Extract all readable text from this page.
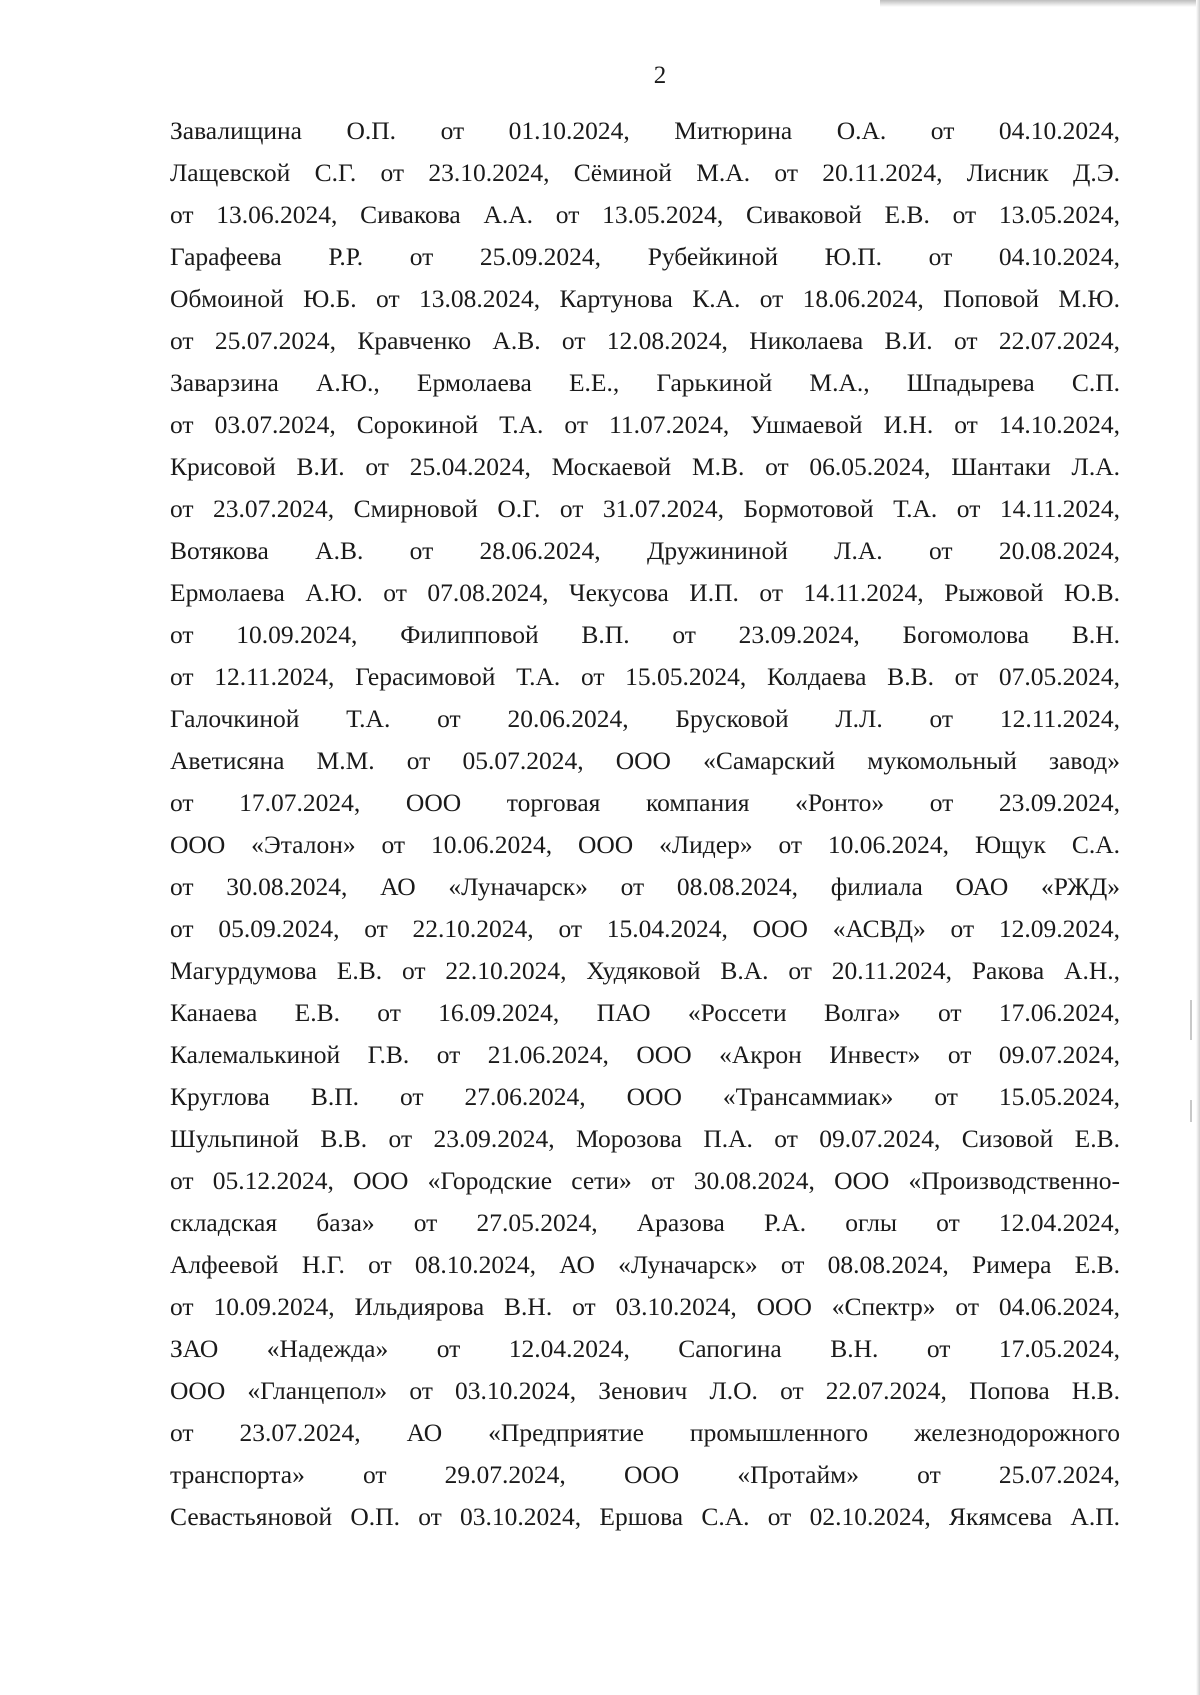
2
Завалищина О.П. от 01.10.2024, Митюрина О.А. от 04.10.2024,
Лащевской С.Г. от 23.10.2024, Сёминой М.А. от 20.11.2024, Лисник Д.Э.
от 13.06.2024, Сивакова А.А. от 13.05.2024, Сиваковой Е.В. от 13.05.2024,
Гарафеева Р.Р. от 25.09.2024, Рубейкиной Ю.П. от 04.10.2024,
Обмоиной Ю.Б. от 13.08.2024, Картунова К.А. от 18.06.2024, Поповой М.Ю.
от 25.07.2024, Кравченко А.В. от 12.08.2024, Николаева В.И. от 22.07.2024,
Заварзина А.Ю., Ермолаева Е.Е., Гарькиной М.А., Шпадырева С.П.
от 03.07.2024, Сорокиной Т.А. от 11.07.2024, Ушмаевой И.Н. от 14.10.2024,
Крисовой В.И. от 25.04.2024, Москаевой М.В. от 06.05.2024, Шантаки Л.А.
от 23.07.2024, Смирновой О.Г. от 31.07.2024, Бормотовой Т.А. от 14.11.2024,
Вотякова А.В. от 28.06.2024, Дружининой Л.А. от 20.08.2024,
Ермолаева А.Ю. от 07.08.2024, Чекусова И.П. от 14.11.2024, Рыжовой Ю.В.
от 10.09.2024, Филипповой В.П. от 23.09.2024, Богомолова В.Н.
от 12.11.2024, Герасимовой Т.А. от 15.05.2024, Колдаева В.В. от 07.05.2024,
Галочкиной Т.А. от 20.06.2024, Брусковой Л.Л. от 12.11.2024,
Аветисяна М.М. от 05.07.2024, ООО «Самарский мукомольный завод»
от 17.07.2024, ООО торговая компания «Ронто» от 23.09.2024,
ООО «Эталон» от 10.06.2024, ООО «Лидер» от 10.06.2024, Ющук С.А.
от 30.08.2024, АО «Луначарск» от 08.08.2024, филиала ОАО «РЖД»
от 05.09.2024, от 22.10.2024, от 15.04.2024, ООО «АСВД» от 12.09.2024,
Магурдумова Е.В. от 22.10.2024, Худяковой В.А. от 20.11.2024, Ракова А.Н.,
Канаева Е.В. от 16.09.2024, ПАО «Россети Волга» от 17.06.2024,
Калемалькиной Г.В. от 21.06.2024, ООО «Акрон Инвест» от 09.07.2024,
Круглова В.П. от 27.06.2024, ООО «Трансаммиак» от 15.05.2024,
Шульпиной В.В. от 23.09.2024, Морозова П.А. от 09.07.2024, Сизовой Е.В.
от 05.12.2024, ООО «Городские сети» от 30.08.2024, ООО «Производственно-
складская база» от 27.05.2024, Аразова Р.А. оглы от 12.04.2024,
Алфеевой Н.Г. от 08.10.2024, АО «Луначарск» от 08.08.2024, Римера Е.В.
от 10.09.2024, Ильдиярова В.Н. от 03.10.2024, ООО «Спектр» от 04.06.2024,
ЗАО «Надежда» от 12.04.2024, Сапогина В.Н. от 17.05.2024,
ООО «Гланцепол» от 03.10.2024, Зенович Л.О. от 22.07.2024, Попова Н.В.
от 23.07.2024, АО «Предприятие промышленного железнодорожного
транспорта» от 29.07.2024, ООО «Протайм» от 25.07.2024,
Севастьяновой О.П. от 03.10.2024, Ершова С.А. от 02.10.2024, Якямсева А.П.
